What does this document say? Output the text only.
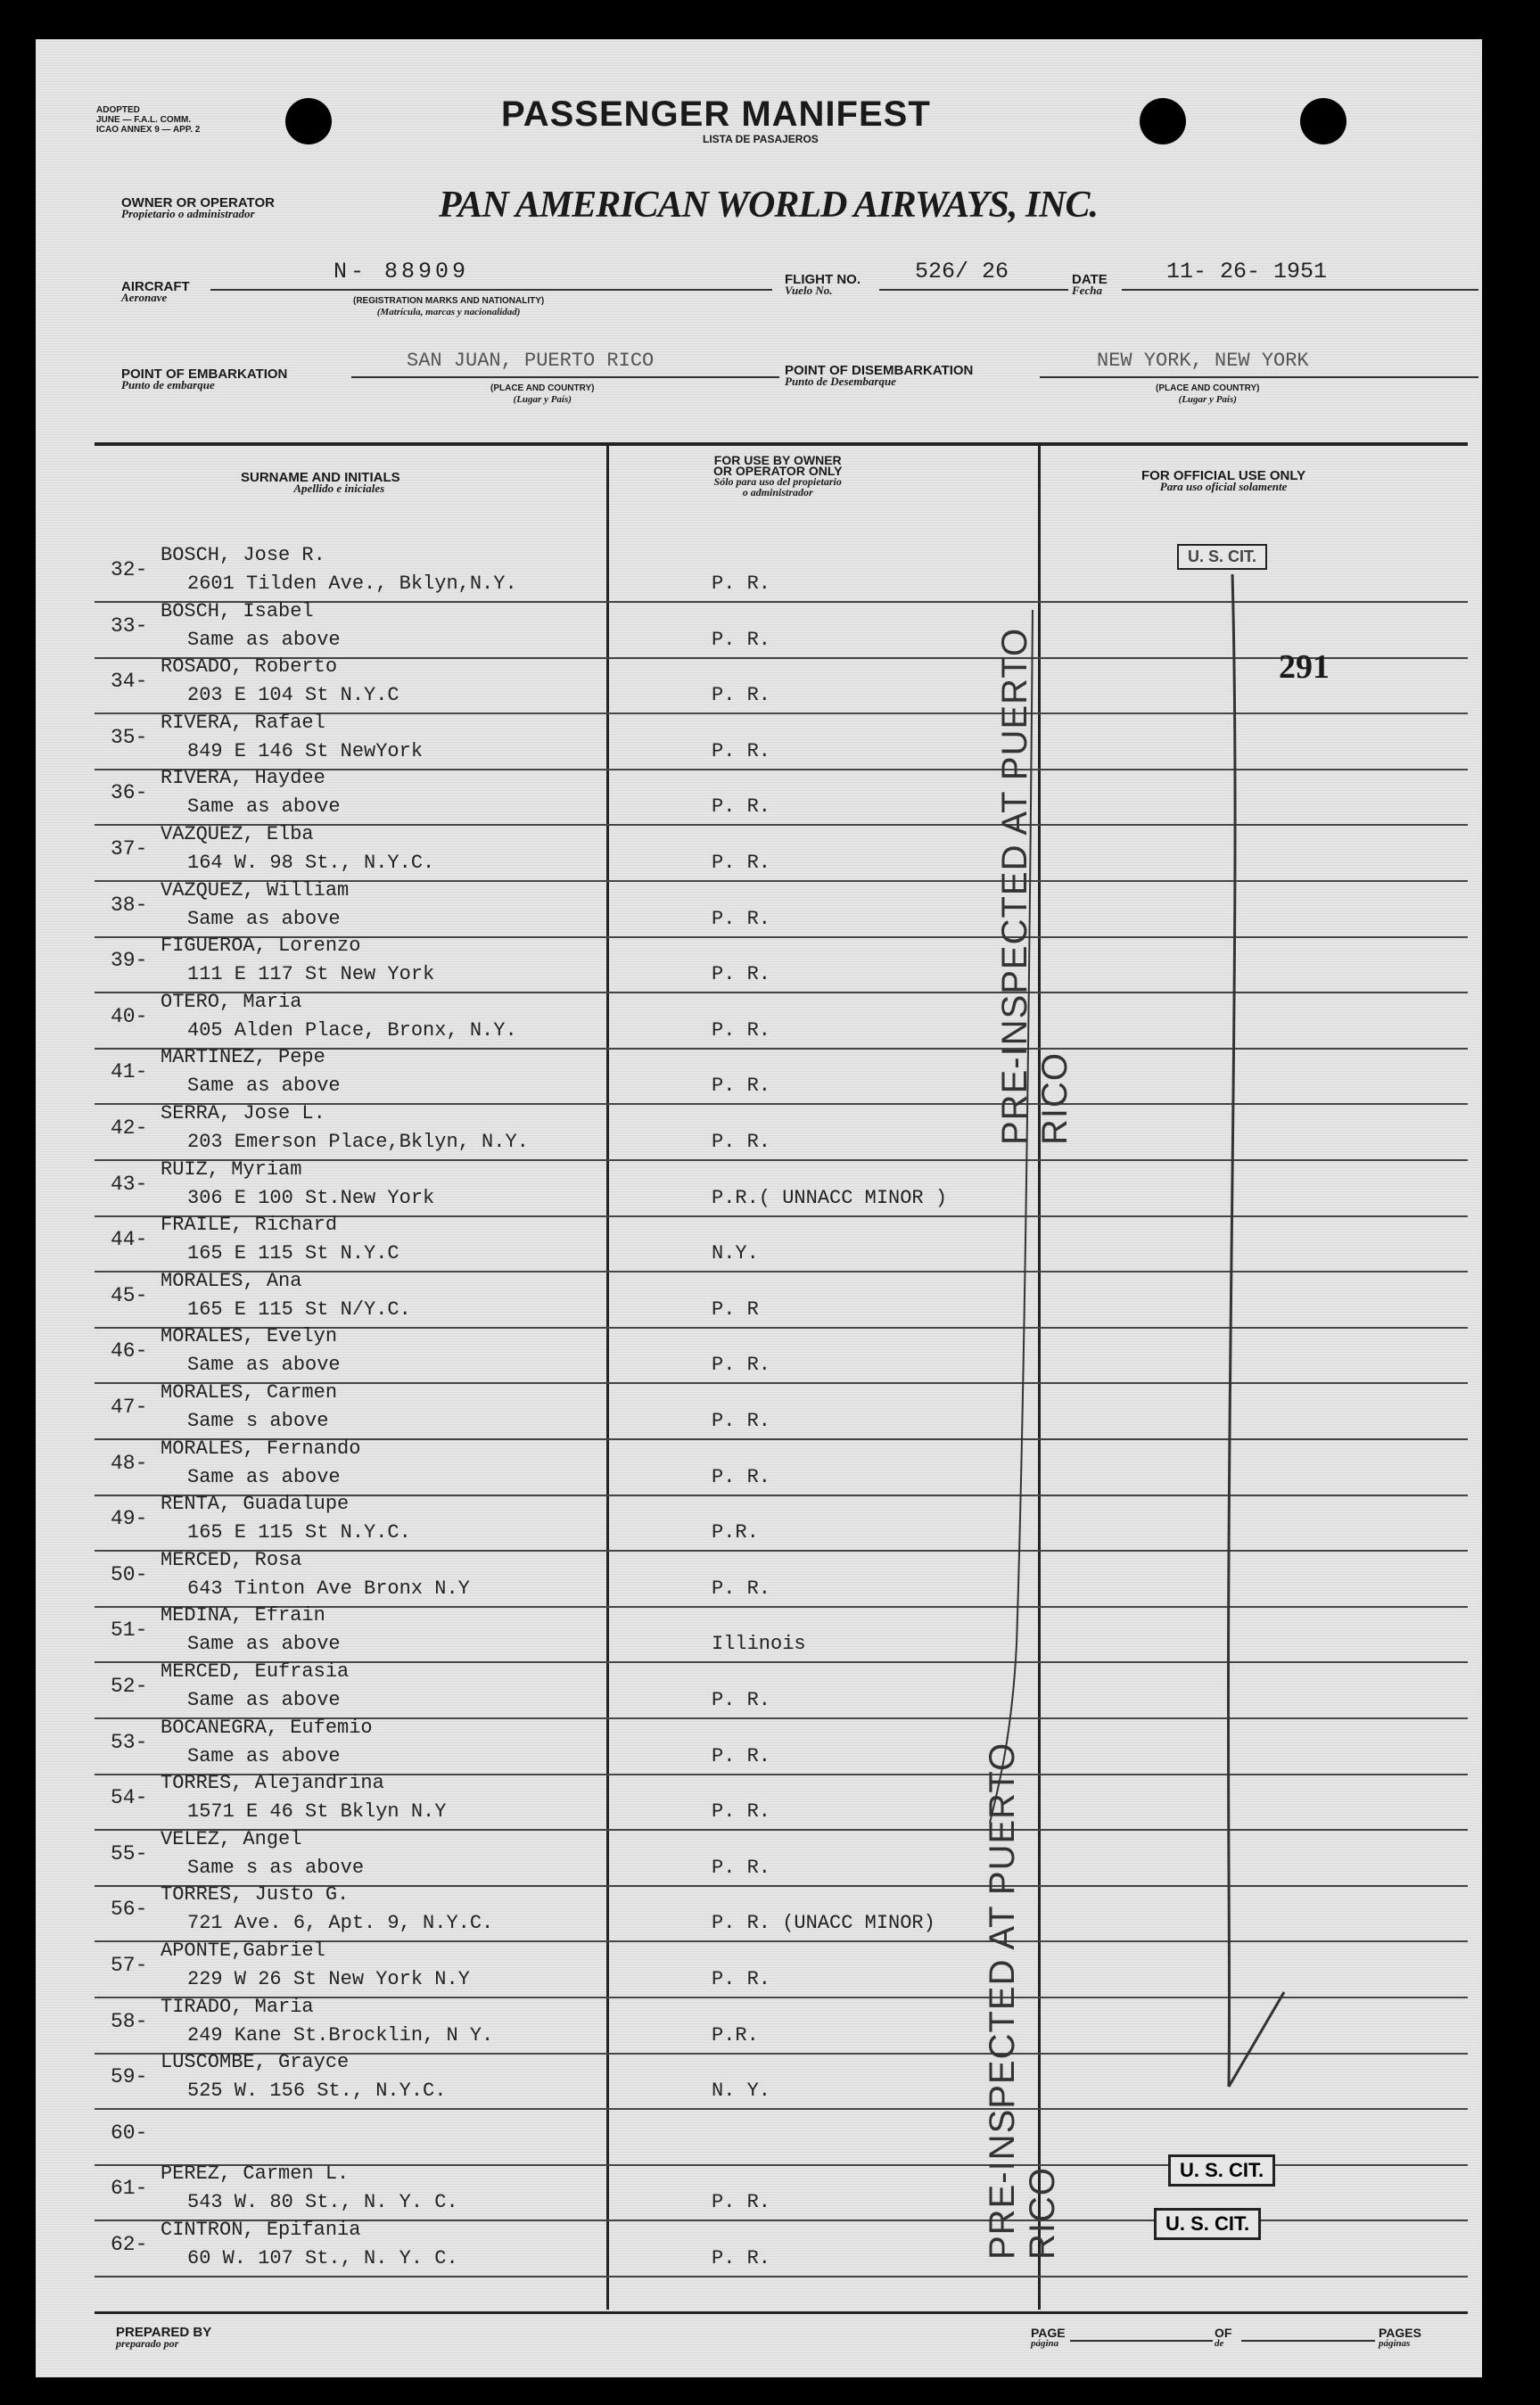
ADOPTED
JUNE — F.A.L. COMM.
ICAO ANNEX 9 — APP. 2	PASSENGER MANIFEST
LISTA DE PASAJEROS
OWNER OR OPERATOR
Propietario o administrador	PAN AMERICAN WORLD AIRWAYS, INC.
AIRCRAFT
Aeronave
N- 88909
(REGISTRATION MARKS AND NATIONALITY)
(Matrícula, marcas y nacionalidad)
FLIGHT NO.
Vuelo No.
526/ 26	DATE
Fecha
11- 26- 1951
POINT OF EMBARKATION
Punto de embarque
SAN JUAN, PUERTO RICO
(PLACE AND COUNTRY)
(Lugar y País)
POINT OF DISEMBARKATION
Punto de Desembarque
NEW YORK, NEW YORK
(PLACE AND COUNTRY)
(Lugar y País)
SURNAME AND INITIALS
Apellido e iniciales
FOR USE BY OWNER
OR OPERATOR ONLY
Sólo para uso del propietario
o administrador
FOR OFFICIAL USE ONLY
Para uso oficial solamente
32-
BOSCH, Jose R.
2601 Tilden Ave., Bklyn,N.Y.	P. R.
33-
BOSCH, Isabel
Same as above	P. R.
34-
ROSADO, Roberto
203 E 104 St N.Y.C	P. R.
35-
RIVERA, Rafael
849 E 146 St NewYork	P. R.
36-
RIVERA, Haydee
Same as above	P. R.
37-
VAZQUEZ, Elba
164 W. 98 St., N.Y.C.	P. R.
38-
VAZQUEZ, William
Same as above	P. R.
39-
FIGUEROA, Lorenzo
111 E 117 St New York	P. R.
40-
OTERO, Maria
405 Alden Place, Bronx, N.Y.	P. R.
41-
MARTINEZ, Pepe
Same as above	P. R.
42-
SERRA, Jose L.
203 Emerson Place,Bklyn, N.Y.	P. R.
43-
RUIZ, Myriam
306 E 100 St.New York	P.R.( UNNACC MINOR )
44-
FRAILE, Richard
165 E 115 St N.Y.C	N.Y.
45-
MORALES, Ana
165 E 115 St N/Y.C.	P. R
46-
MORALES, Evelyn
Same as above	P. R.
47-
MORALES, Carmen
Same s above	P. R.
48-
MORALES, Fernando
Same as above	P. R.
49-
RENTA, Guadalupe
165 E 115 St N.Y.C.	P.R.
50-
MERCED, Rosa
643 Tinton Ave Bronx N.Y	P. R.
51-
MEDINA, Efrain
Same as above	Illinois
52-
MERCED, Eufrasia
Same as above	P. R.
53-
BOCANEGRA, Eufemio
Same as above	P. R.
54-
TORRES, Alejandrina
1571 E 46 St Bklyn N.Y	P. R.
55-
VELEZ, Angel
Same s as above	P. R.
56-
TORRES, Justo G.
721 Ave. 6, Apt. 9, N.Y.C.	P. R. (UNACC MINOR)
57-
APONTE,Gabriel
229 W 26 St New York N.Y	P. R.
58-
TIRADO, Maria
249 Kane St.Brocklin, N Y.	P.R.
59-
LUSCOMBE, Grayce
525 W. 156 St., N.Y.C.	N. Y.
60-
61-
PEREZ, Carmen L.
543 W. 80 St., N. Y. C.	P. R.
62-
CINTRON, Epifania
60 W. 107 St., N. Y. C.	P. R.
U. S. CIT.
291
U. S. CIT.
U. S. CIT.
PRE-INSPECTED AT PUERTO RICO
PRE-INSPECTED AT PUERTO RICO
PREPARED BY
preparado por
PAGE
página
OF
de
PAGES
páginas
